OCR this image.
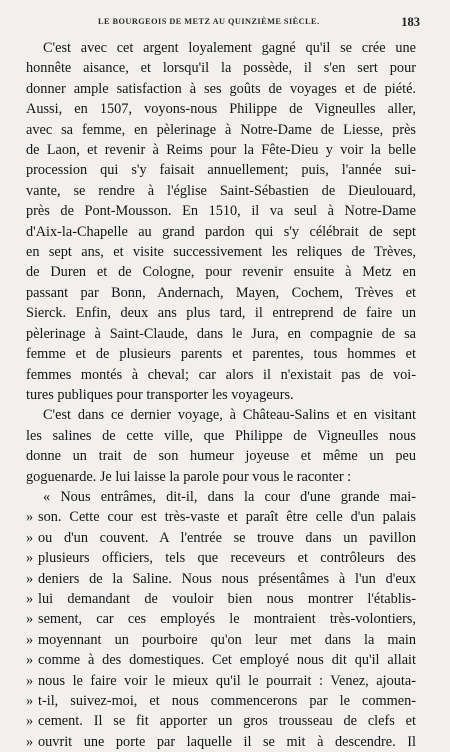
LE BOURGEOIS DE METZ AU QUINZIÈME SIÈCLE.	183
C'est avec cet argent loyalement gagné qu'il se crée une
honnête aisance, et lorsqu'il la possède, il s'en sert pour
donner ample satisfaction à ses goûts de voyages et de piété.
Aussi, en 1507, voyons-nous Philippe de Vigneulles aller,
avec sa femme, en pèlerinage à Notre-Dame de Liesse, près
de Laon, et revenir à Reims pour la Fête-Dieu y voir la belle
procession qui s'y faisait annuellement; puis, l'année sui-
vante, se rendre à l'église Saint-Sébastien de Dieulouard,
près de Pont-Mousson. En 1510, il va seul à Notre-Dame
d'Aix-la-Chapelle au grand pardon qui s'y célébrait de sept
en sept ans, et visite successivement les reliques de Trèves,
de Duren et de Cologne, pour revenir ensuite à Metz en
passant par Bonn, Andernach, Mayen, Cochem, Trèves et
Sierck. Enfin, deux ans plus tard, il entreprend de faire un
pèlerinage à Saint-Claude, dans le Jura, en compagnie de sa
femme et de plusieurs parents et parentes, tous hommes et
femmes montés à cheval; car alors il n'existait pas de voi-
tures publiques pour transporter les voyageurs.
C'est dans ce dernier voyage, à Château-Salins et en visitant
les salines de cette ville, que Philippe de Vigneulles nous
donne un trait de son humeur joyeuse et même un peu
goguenarde. Je lui laisse la parole pour vous le raconter :
« Nous entrâmes, dit-il, dans la cour d'une grande mai-
» son. Cette cour est très-vaste et paraît être celle d'un palais
» ou d'un couvent. A l'entrée se trouve dans un pavillon
» plusieurs officiers, tels que receveurs et contrôleurs des
» deniers de la Saline. Nous nous présentâmes à l'un d'eux
» lui demandant de vouloir bien nous montrer l'établis-
» sement, car ces employés le montraient très-volontiers,
» moyennant un pourboire qu'on leur met dans la main
» comme à des domestiques. Cet employé nous dit qu'il allait
» nous le faire voir le mieux qu'il le pourrait : Venez, ajouta-
» t-il, suivez-moi, et nous commencerons par le commen-
» cement. Il se fit apporter un gros trousseau de clefs et
» ouvrit une porte par laquelle il se mit à descendre. Il
